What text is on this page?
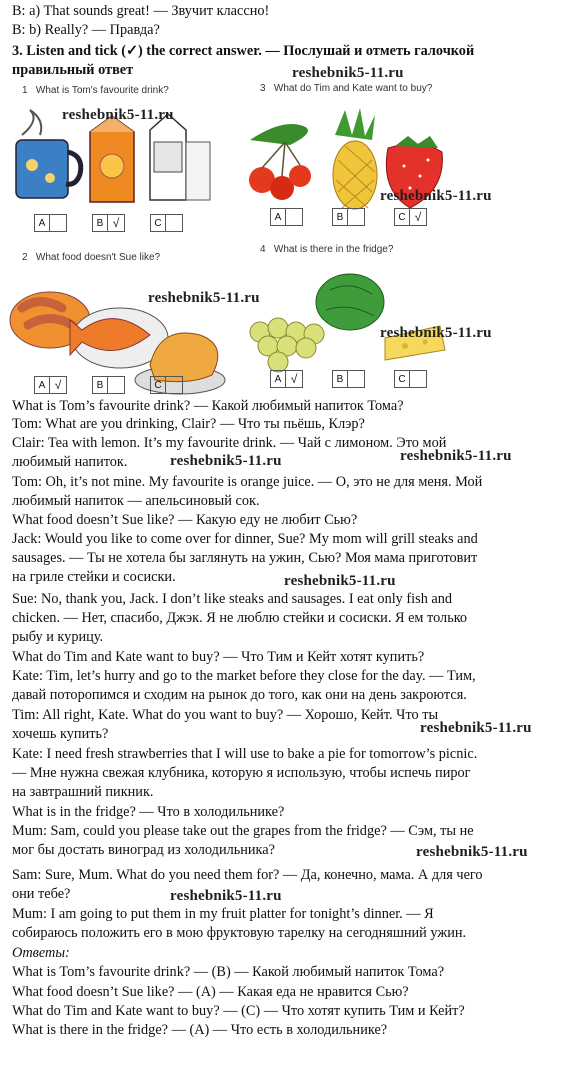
B: a) That sounds great! — Звучит классно!
B: b) Really? — Правда?
3. Listen and tick (✓) the correct answer. — Послушай и отметь галочкой
правильный ответ
1 What is Tom's favourite drink?	3 What do Tim and Kate want to buy?
2 What food doesn't Sue like?
4 What is there in the fridge?
A	B √	C
A	B	C √
A √	B	C
A √	B	C
reshebnik5-11.ru
reshebnik5-11.ru
reshebnik5-11.ru
reshebnik5-11.ru
reshebnik5-11.ru
What is Tom’s favourite drink? — Какой любимый напиток Тома?
Tom: What are you drinking, Clair? — Что ты пьёшь, Клэр?
Clair: Tea with lemon. It’s my favourite drink. — Чай с лимоном. Это мой
любимый напиток.	reshebnik5-11.ru	reshebnik5-11.ru
Tom: Oh, it’s not mine. My favourite is orange juice. — О, это не для меня. Мой
любимый напиток — апельсиновый сок.
What food doesn’t Sue like? — Какую еду не любит Сью?
Jack: Would you like to come over for dinner, Sue? My mom will grill steaks and
sausages. — Ты не хотела бы заглянуть на ужин, Сью? Моя мама приготовит
на гриле стейки и сосиски.	reshebnik5-11.ru
Sue: No, thank you, Jack. I don’t like steaks and sausages. I eat only fish and
chicken. — Нет, спасибо, Джэк. Я не люблю стейки и сосиски. Я ем только
рыбу и курицу.
What do Tim and Kate want to buy? — Что Тим и Кейт хотят купить?
Kate: Tim, let’s hurry and go to the market before they close for the day. — Тим,
давай поторопимся и сходим на рынок до того, как они на день закроются.
Tim: All right, Kate. What do you want to buy? — Хорошо, Кейт. Что ты
хочешь купить?	reshebnik5-11.ru
Kate: I need fresh strawberries that I will use to bake a pie for tomorrow’s picnic.
— Мне нужна свежая клубника, которую я использую, чтобы испечь пирог
на завтрашний пикник.
What is in the fridge? — Что в холодильнике?
Mum: Sam, could you please take out the grapes from the fridge? — Сэм, ты не
мог бы достать виноград из холодильника?	reshebnik5-11.ru
Sam: Sure, Mum. What do you need them for? — Да, конечно, мама. А для чего
они тебе?	reshebnik5-11.ru
Mum: I am going to put them in my fruit platter for tonight’s dinner. — Я
собираюсь положить его в мою фруктовую тарелку на сегодняшний ужин.
Ответы:
What is Tom’s favourite drink? — (B) — Какой любимый напиток Тома?
What food doesn’t Sue like? — (A) — Какая еда не нравится Сью?
What do Tim and Kate want to buy? — (C) — Что хотят купить Тим и Кейт?
What is there in the fridge? — (A) — Что есть в холодильнике?
